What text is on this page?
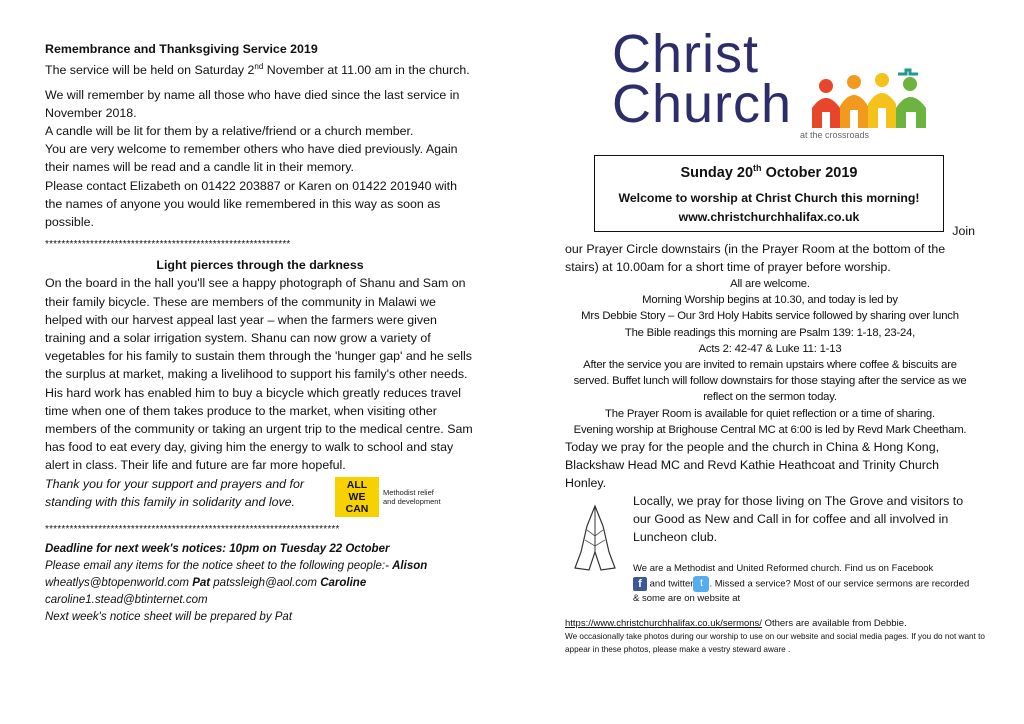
Remembrance and Thanksgiving Service 2019

The service will be held on Saturday 2nd November at 11.00 am in the church.

We will remember by name all those who have died since the last service in November 2018.

A candle will be lit for them by a relative/friend or a church member.

You are very welcome to remember others who have died previously. Again their names will be read and a candle lit in their memory.

Please contact Elizabeth on 01422 203887 or Karen on 01422 201940 with the names of anyone you would like remembered in this way as soon as possible.

************************************************************

Light pierces through the darkness

On the board in the hall you'll see a happy photograph of Shanu and Sam on their family bicycle. These are members of the community in Malawi we helped with our harvest appeal last year – when the farmers were given training and a solar irrigation system. Shanu can now grow a variety of vegetables for his family to sustain them through the 'hunger gap' and he sells the surplus at market, making a livelihood to support his family's other needs. His hard work has enabled him to buy a bicycle which greatly reduces travel time when one of them takes produce to the market, when visiting other members of the community or taking an urgent trip to the medical centre. Sam has food to eat every day, giving him the energy to walk to school and stay alert in class. Their life and future are far more hopeful.

Thank you for your support and prayers and for standing with this family in solidarity and love.

ALL
WE
CAN
Methodist relief and development
************************************************************************

Deadline for next week's notices: 10pm on Tuesday 22 October

Please email any items for the notice sheet to the following people:- Alison wheatlys@btopenworld.com Pat patssleigh@aol.com Caroline
caroline1.stead@btinternet.com

Next week's notice sheet will be prepared by Pat

Christ
Church
at the crossroads
Sunday 20th October 2019
Welcome to worship at Christ Church this morning!
www.christchurchhalifax.co.uk

Join

our Prayer Circle downstairs (in the Prayer Room at the bottom of the stairs) at 10.00am for a short time of prayer before worship.

All are welcome.

Morning Worship begins at 10.30, and today is led by

Mrs Debbie Story – Our 3rd Holy Habits service followed by sharing over lunch

The Bible readings this morning are Psalm 139: 1-18, 23-24,

Acts 2: 42-47 & Luke 11: 1-13

After the service you are invited to remain upstairs where coffee & biscuits are served. Buffet lunch will follow downstairs for those staying after the service as we reflect on the sermon today.

The Prayer Room is available for quiet reflection or a time of sharing.

Evening worship at Brighouse Central MC at 6:00 is led by Revd Mark Cheetham.

Today we pray for the people and the church in China & Hong Kong, Blackshaw Head MC and Revd Kathie Heathcoat and Trinity Church Honley.

Locally, we pray for those living on The Grove and visitors to our Good as New and Call in for coffee and all involved in Luncheon club.
We are a Methodist and United Reformed church. Find us on Facebook
f and twitter t . Missed a service? Most of our service sermons are recorded & some are on website at
https://www.christchurchhalifax.co.uk/sermons/ Others are available from Debbie.
We occasionally take photos during our worship to use on our website and social media pages. If you do not want to appear in these photos, please make a vestry steward aware .
